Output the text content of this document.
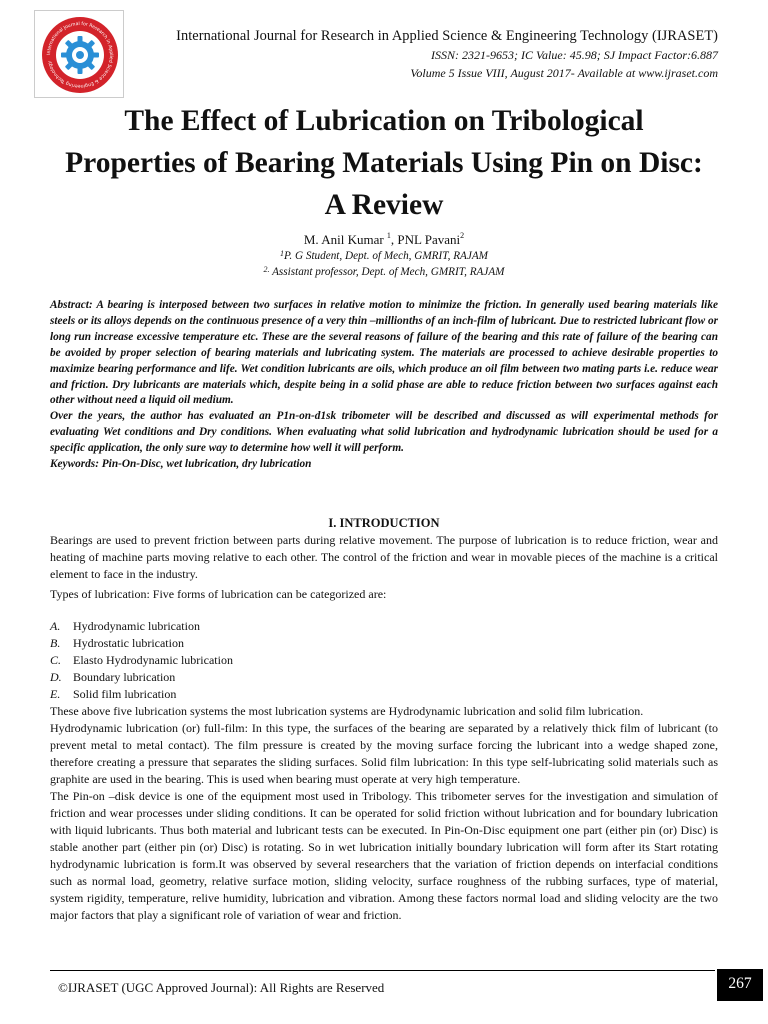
International Journal for Research in Applied Science & Engineering Technology
International Journal for Research in Applied Science & Engineering Technology (IJRASET)
ISSN: 2321-9653; IC Value: 45.98; SJ Impact Factor:6.887
Volume 5 Issue VIII, August 2017- Available at www.ijraset.com
The Effect of Lubrication on Tribological
Properties of Bearing Materials Using Pin on Disc:
A Review
M. Anil Kumar $^1$, PNL Pavani$^2$
$^1$P. G Student, Dept. of Mech, GMRIT, RAJAM
$^{2.}$ Assistant professor, Dept. of Mech, GMRIT, RAJAM

Abstract: A bearing is interposed between two surfaces in relative motion to minimize the friction. In generally used bearing materials like steels or its alloys depends on the continuous presence of a very thin –millionths of an inch-film of lubricant. Due to restricted lubricant flow or long run increase excessive temperature etc. These are the several reasons of failure of the bearing and this rate of failure of the bearing can be avoided by proper selection of bearing materials and lubricating system. The materials are processed to achieve desirable properties to maximize bearing performance and life. Wet condition lubricants are oils, which produce an oil film between two mating parts i.e. reduce wear and friction. Dry lubricants are materials which, despite being in a solid phase are able to reduce friction between two surfaces against each other without need a liquid oil medium.

Over the years, the author has evaluated an P1n-on-d1sk tribometer will be described and discussed as will experimental methods for evaluating Wet conditions and Dry conditions. When evaluating what solid lubrication and hydrodynamic lubrication should be used for a specific application, the only sure way to determine how well it will perform.

Keywords: Pin-On-Disc, wet lubrication, dry lubrication

I. INTRODUCTION
Bearings are used to prevent friction between parts during relative movement. The purpose of lubrication is to reduce friction, wear and heating of machine parts moving relative to each other. The control of the friction and wear in movable pieces of the machine is a critical element to face in the industry.
Types of lubrication: Five forms of lubrication can be categorized are:
A. Hydrodynamic lubrication
B. Hydrostatic lubrication
C. Elasto Hydrodynamic lubrication
D. Boundary lubrication
E. Solid film lubrication

These above five lubrication systems the most lubrication systems are Hydrodynamic lubrication and solid film lubrication.

Hydrodynamic lubrication (or) full-film: In this type, the surfaces of the bearing are separated by a relatively thick film of lubricant (to prevent metal to metal contact). The film pressure is created by the moving surface forcing the lubricant into a wedge shaped zone, therefore creating a pressure that separates the sliding surfaces. Solid film lubrication: In this type self-lubricating solid materials such as graphite are used in the bearing. This is used when bearing must operate at very high temperature.

The Pin-on –disk device is one of the equipment most used in Tribology. This tribometer serves for the investigation and simulation of friction and wear processes under sliding conditions. It can be operated for solid friction without lubrication and for boundary lubrication with liquid lubricants. Thus both material and lubricant tests can be executed. In Pin-On-Disc equipment one part (either pin (or) Disc) is stable another part (either pin (or) Disc) is rotating. So in wet lubrication initially boundary lubrication will form after its Start rotating hydrodynamic lubrication is form.It was observed by several researchers that the variation of friction depends on interfacial conditions such as normal load, geometry, relative surface motion, sliding velocity, surface roughness of the rubbing surfaces, type of material, system rigidity, temperature, relive humidity, lubrication and vibration. Among these factors normal load and sliding velocity are the two major factors that play a significant role of variation of wear and friction.

©IJRASET (UGC Approved Journal): All Rights are Reserved	267
